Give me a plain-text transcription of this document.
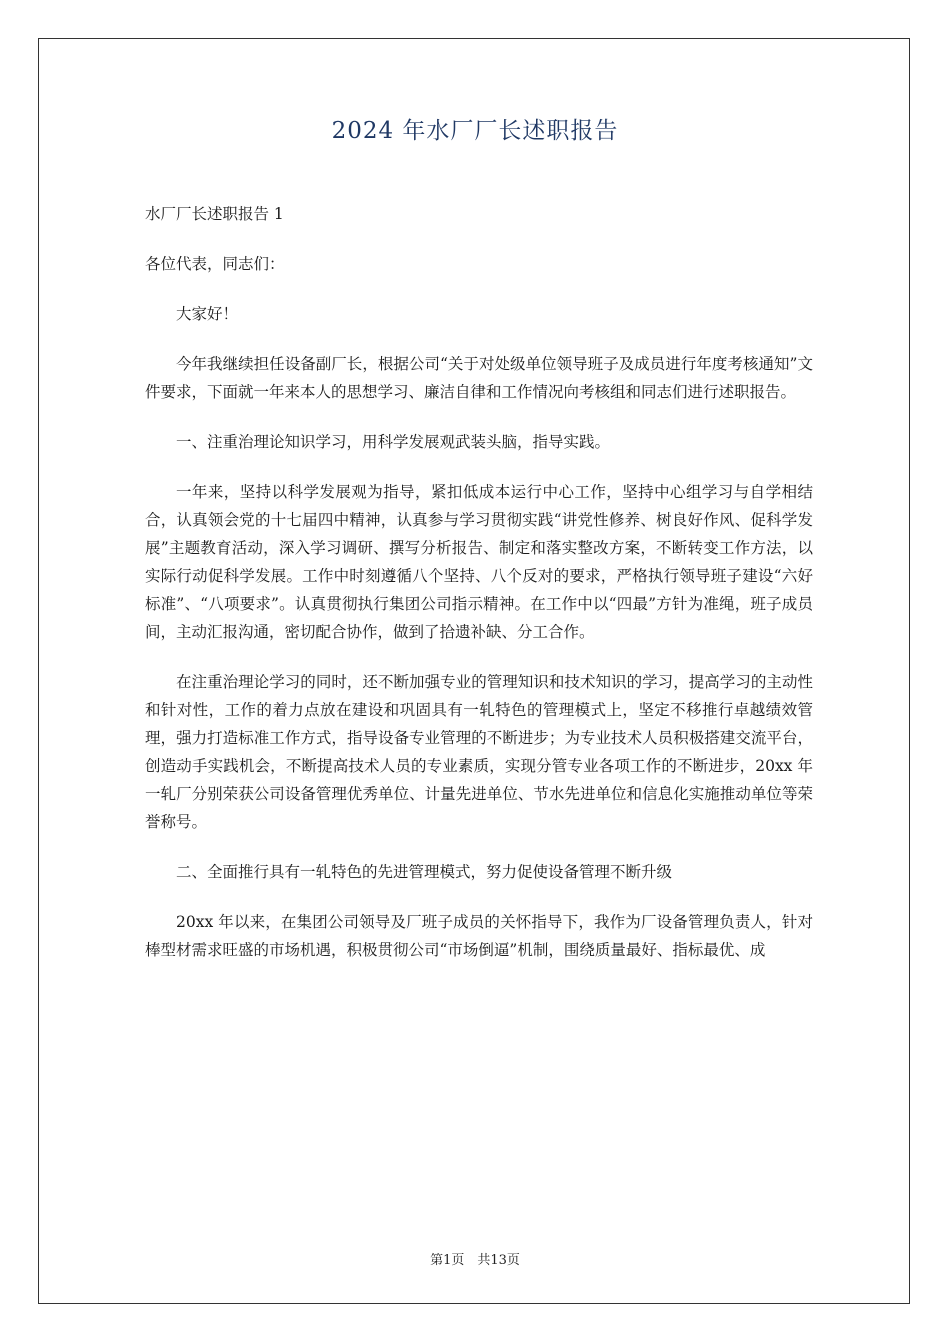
2024 年水厂厂长述职报告

水厂厂长述职报告 1

各位代表，同志们：

大家好！

今年我继续担任设备副厂长，根据公司“关于对处级单位领导班子及成员进行年度考核通知”文件要求，下面就一年来本人的思想学习、廉洁自律和工作情况向考核组和同志们进行述职报告。

一、注重治理论知识学习，用科学发展观武装头脑，指导实践。

一年来，坚持以科学发展观为指导，紧扣低成本运行中心工作，坚持中心组学习与自学相结合，认真领会党的十七届四中精神，认真参与学习贯彻实践“讲党性修养、树良好作风、促科学发展”主题教育活动，深入学习调研、撰写分析报告、制定和落实整改方案，不断转变工作方法，以实际行动促科学发展。工作中时刻遵循八个坚持、八个反对的要求，严格执行领导班子建设“六好标准”、“八项要求”。认真贯彻执行集团公司指示精神。在工作中以“四最”方针为准绳，班子成员间，主动汇报沟通，密切配合协作，做到了拾遗补缺、分工合作。

在注重治理论学习的同时，还不断加强专业的管理知识和技术知识的学习，提高学习的主动性和针对性，工作的着力点放在建设和巩固具有一轧特色的管理模式上，坚定不移推行卓越绩效管理，强力打造标准工作方式，指导设备专业管理的不断进步；为专业技术人员积极搭建交流平台，创造动手实践机会，不断提高技术人员的专业素质，实现分管专业各项工作的不断进步，20xx 年一轧厂分别荣获公司设备管理优秀单位、计量先进单位、节水先进单位和信息化实施推动单位等荣誉称号。

二、全面推行具有一轧特色的先进管理模式，努力促使设备管理不断升级

20xx 年以来，在集团公司领导及厂班子成员的关怀指导下，我作为厂设备管理负责人，针对棒型材需求旺盛的市场机遇，积极贯彻公司“市场倒逼”机制，围绕质量最好、指标最优、成

第1页　共13页
